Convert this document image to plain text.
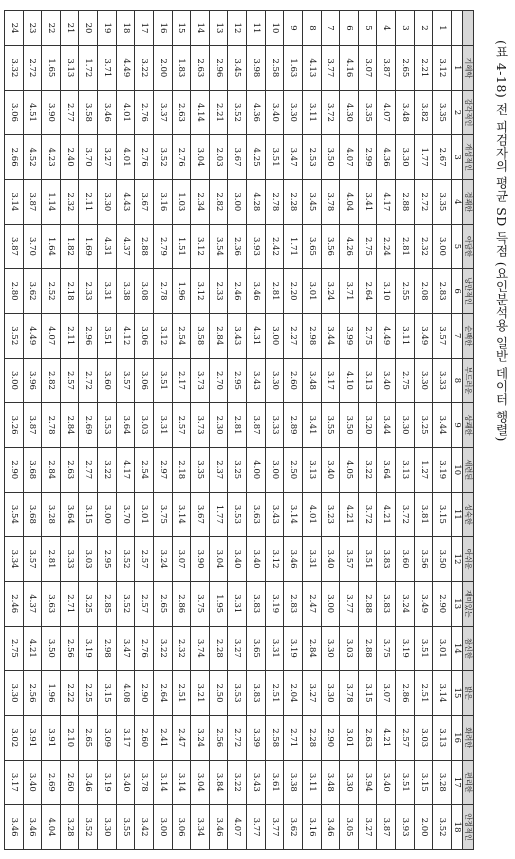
(표 4-18) 전 피검자의 평균 SD 득점 (요인분석용 일반 데이터 행렬)
	기혜학	감각적인	개성적인	경쾌한	아담한	낭만적인	순백한	부드러운	상쾌한	세련된	성숙한	아쉬운	재미있는	참신한	밝은	화려한	편리한	안정적인
	1	2	3	4	5	6	7	8	9	10	11	12	13	14	15	16	17	18
1	3.12	3.35	2.67	3.35	3.00	2.83	3.57	3.33	3.44	3.19	3.15	3.50	2.90	3.01	3.14	3.13	3.28	3.52
2	2.21	3.82	1.77	2.72	2.32	2.08	3.49	3.30	3.25	1.27	3.81	3.56	3.49	3.51	2.51	3.03	3.15	2.00
3	2.65	3.48	3.30	2.88	2.81	2.55	3.11	2.75	3.30	3.13	3.72	3.60	3.24	3.19	2.86	2.57	3.51	3.93
4	3.87	4.07	4.36	4.17	2.24	3.10	4.49	3.40	3.44	3.64	4.21	3.83	3.83	3.75	3.07	4.21	3.40	3.87
5	3.07	3.35	2.99	3.41	2.75	2.64	2.75	3.13	3.20	3.22	3.72	3.51	2.88	2.88	3.15	2.63	3.94	3.27
6	4.16	4.30	4.07	4.04	4.26	3.71	3.99	4.10	3.50	4.05	4.21	3.57	3.77	3.03	3.78	3.01	3.30	3.05
7	3.77	3.72	3.50	3.78	3.56	3.24	3.44	3.17	3.55	3.40	3.23	3.40	3.00	3.30	3.30	2.90	3.48	3.46
8	4.13	3.11	2.53	3.45	3.65	3.01	2.98	3.48	3.41	3.13	4.01	3.31	2.47	2.84	3.27	2.28	3.11	3.16
9	1.63	3.30	3.47	2.28	1.71	2.20	2.27	2.60	2.89	2.50	3.14	3.46	2.83	3.19	2.04	2.71	3.38	3.62
10	2.58	3.40	3.51	2.78	2.42	2.81	3.00	3.30	3.33	3.00	3.43	3.12	3.19	3.31	2.51	2.58	3.61	3.77
11	3.98	4.36	4.25	4.28	3.93	3.46	4.31	3.43	3.87	4.00	3.63	3.40	3.83	3.65	3.83	3.39	3.43	3.77
12	3.45	3.52	3.67	3.00	2.36	2.46	3.43	2.95	2.81	3.25	3.53	3.40	3.31	3.27	3.53	2.72	3.22	4.07
13	2.96	2.21	2.03	2.82	3.54	2.33	2.84	2.70	2.30	2.37	1.77	3.04	1.95	2.28	2.50	2.56	3.84	3.46
14	2.63	4.14	3.04	2.34	3.12	3.12	3.58	3.73	3.73	3.35	3.67	3.90	3.75	3.74	3.21	3.24	3.04	3.34
15	1.83	2.63	2.76	1.03	1.51	1.96	2.54	2.17	2.57	2.18	3.14	3.07	2.86	2.32	2.51	2.47	3.14	3.06
16	2.00	3.37	3.52	3.16	2.79	2.78	3.12	3.51	3.31	2.97	3.75	3.24	2.65	3.22	2.64	2.41	3.14	3.00
17	3.22	2.76	2.76	3.67	2.88	3.08	3.06	3.06	3.03	2.54	3.01	2.57	2.57	2.76	2.90	2.60	3.78	3.42
18	4.49	4.01	4.01	4.43	4.37	3.38	4.12	3.57	3.64	4.17	3.70	3.52	3.52	3.47	4.08	3.17	3.40	3.55
19	3.71	3.46	3.27	3.30	4.31	3.31	3.51	3.60	3.53	3.22	3.00	2.95	2.85	2.98	3.15	3.09	3.19	3.30
20	1.72	3.58	3.70	2.11	1.69	2.33	2.96	2.72	2.69	2.77	3.15	3.03	3.25	3.19	2.25	2.65	3.46	3.52
21	3.13	2.77	2.40	2.32	1.82	2.18	2.11	2.57	2.84	2.63	3.64	3.33	2.71	2.56	2.22	2.10	2.60	3.28
22	1.65	3.90	4.23	1.14	1.64	2.52	4.07	2.82	2.78	2.84	3.28	2.81	3.63	3.50	1.96	3.91	2.69	4.04
23	2.72	4.51	4.52	3.87	3.70	3.62	4.49	3.96	3.87	3.68	3.68	3.57	4.37	4.21	2.56	3.91	3.40	3.46
24	3.32	3.06	2.66	3.14	3.87	2.80	3.52	3.00	3.26	2.90	3.54	3.34	2.46	2.75	3.30	3.02	3.17	3.46
